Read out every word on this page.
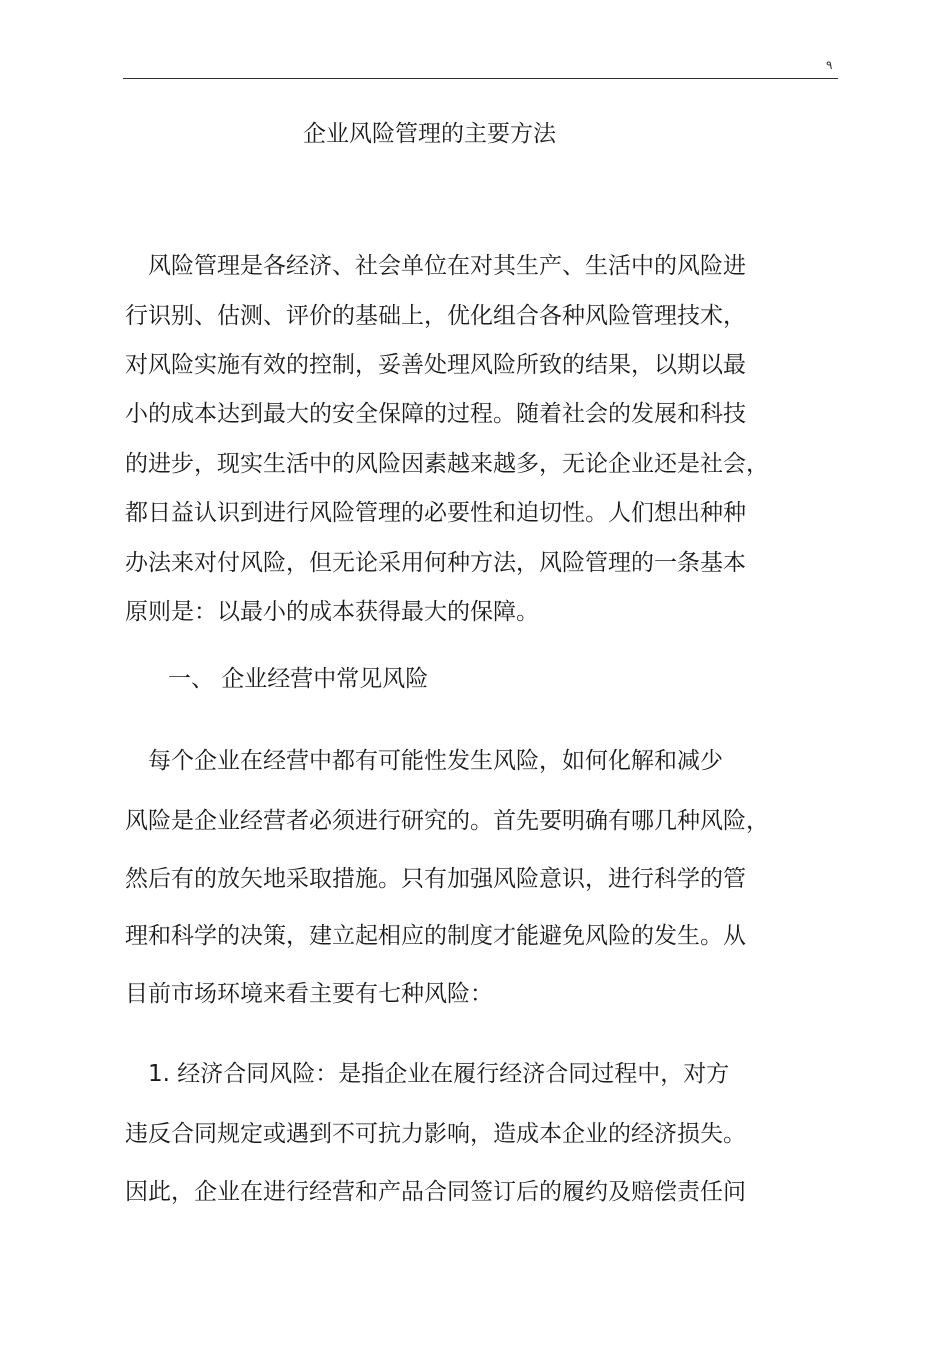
۹
企业风险管理的主要方法
　风险管理是各经济、社会单位在对其生产、生活中的风险进
行识别、估测、评价的基础上，优化组合各种风险管理技术，
对风险实施有效的控制，妥善处理风险所致的结果，以期以最
小的成本达到最大的安全保障的过程。随着社会的发展和科技
的进步，现实生活中的风险因素越来越多，无论企业还是社会，
都日益认识到进行风险管理的必要性和迫切性。人们想出种种
办法来对付风险，但无论采用何种方法，风险管理的一条基本
原则是：以最小的成本获得最大的保障。
一、 企业经营中常见风险
　每个企业在经营中都有可能性发生风险，如何化解和减少
风险是企业经营者必须进行研究的。首先要明确有哪几种风险，
然后有的放矢地采取措施。只有加强风险意识，进行科学的管
理和科学的决策，建立起相应的制度才能避免风险的发生。从
目前市场环境来看主要有七种风险：
　1. 经济合同风险：是指企业在履行经济合同过程中，对方
违反合同规定或遇到不可抗力影响，造成本企业的经济损失。
因此，企业在进行经营和产品合同签订后的履约及赔偿责任问
